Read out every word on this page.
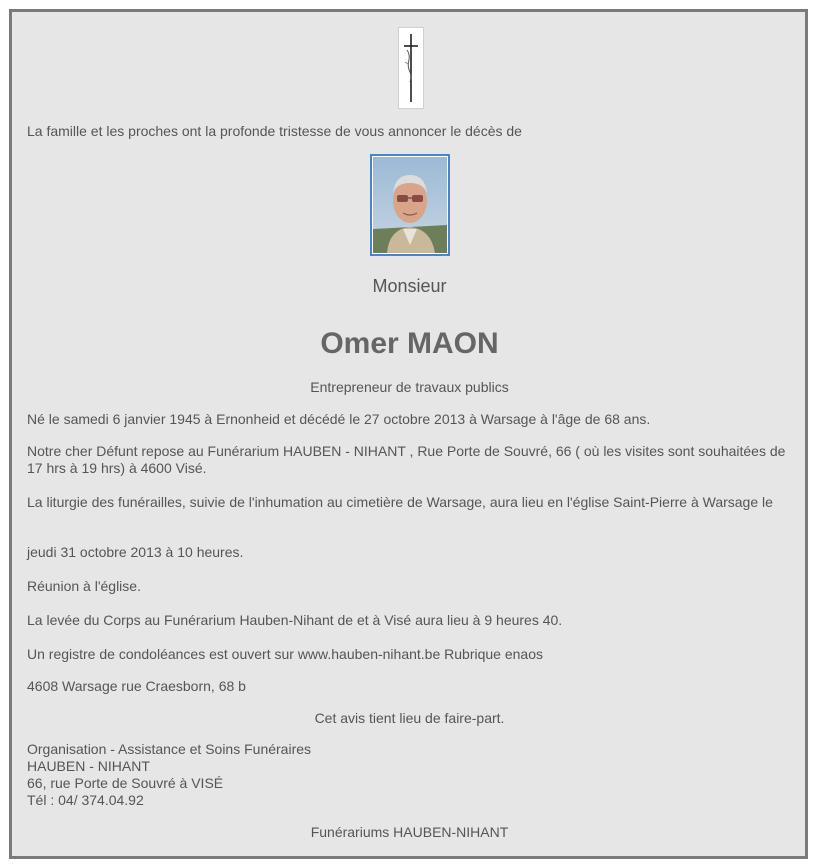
La famille et les proches ont la profonde tristesse de vous annoncer le décès de
Monsieur
Omer MAON
Entrepreneur de travaux publics
Né le samedi 6 janvier 1945 à Ernonheid et décédé le 27 octobre 2013 à Warsage à l'âge de 68 ans.
Notre cher Défunt repose au Funérarium HAUBEN - NIHANT , Rue Porte de Souvré, 66 ( où les visites sont souhaitées de 17 hrs à 19 hrs) à 4600 Visé.
La liturgie des funérailles, suivie de l'inhumation au cimetière de Warsage, aura lieu en l'église Saint-Pierre à Warsage le
jeudi 31 octobre 2013 à 10 heures.
Réunion à l'église.
La levée du Corps au Funérarium Hauben-Nihant de et à Visé aura lieu à 9 heures 40.
Un registre de condoléances est ouvert sur www.hauben-nihant.be Rubrique enaos
4608 Warsage rue Craesborn, 68 b
Cet avis tient lieu de faire-part.
Organisation - Assistance et Soins Funéraires
HAUBEN - NIHANT
66, rue Porte de Souvré à VISÉ
Tél : 04/ 374.04.92
Funérariums HAUBEN-NIHANT
